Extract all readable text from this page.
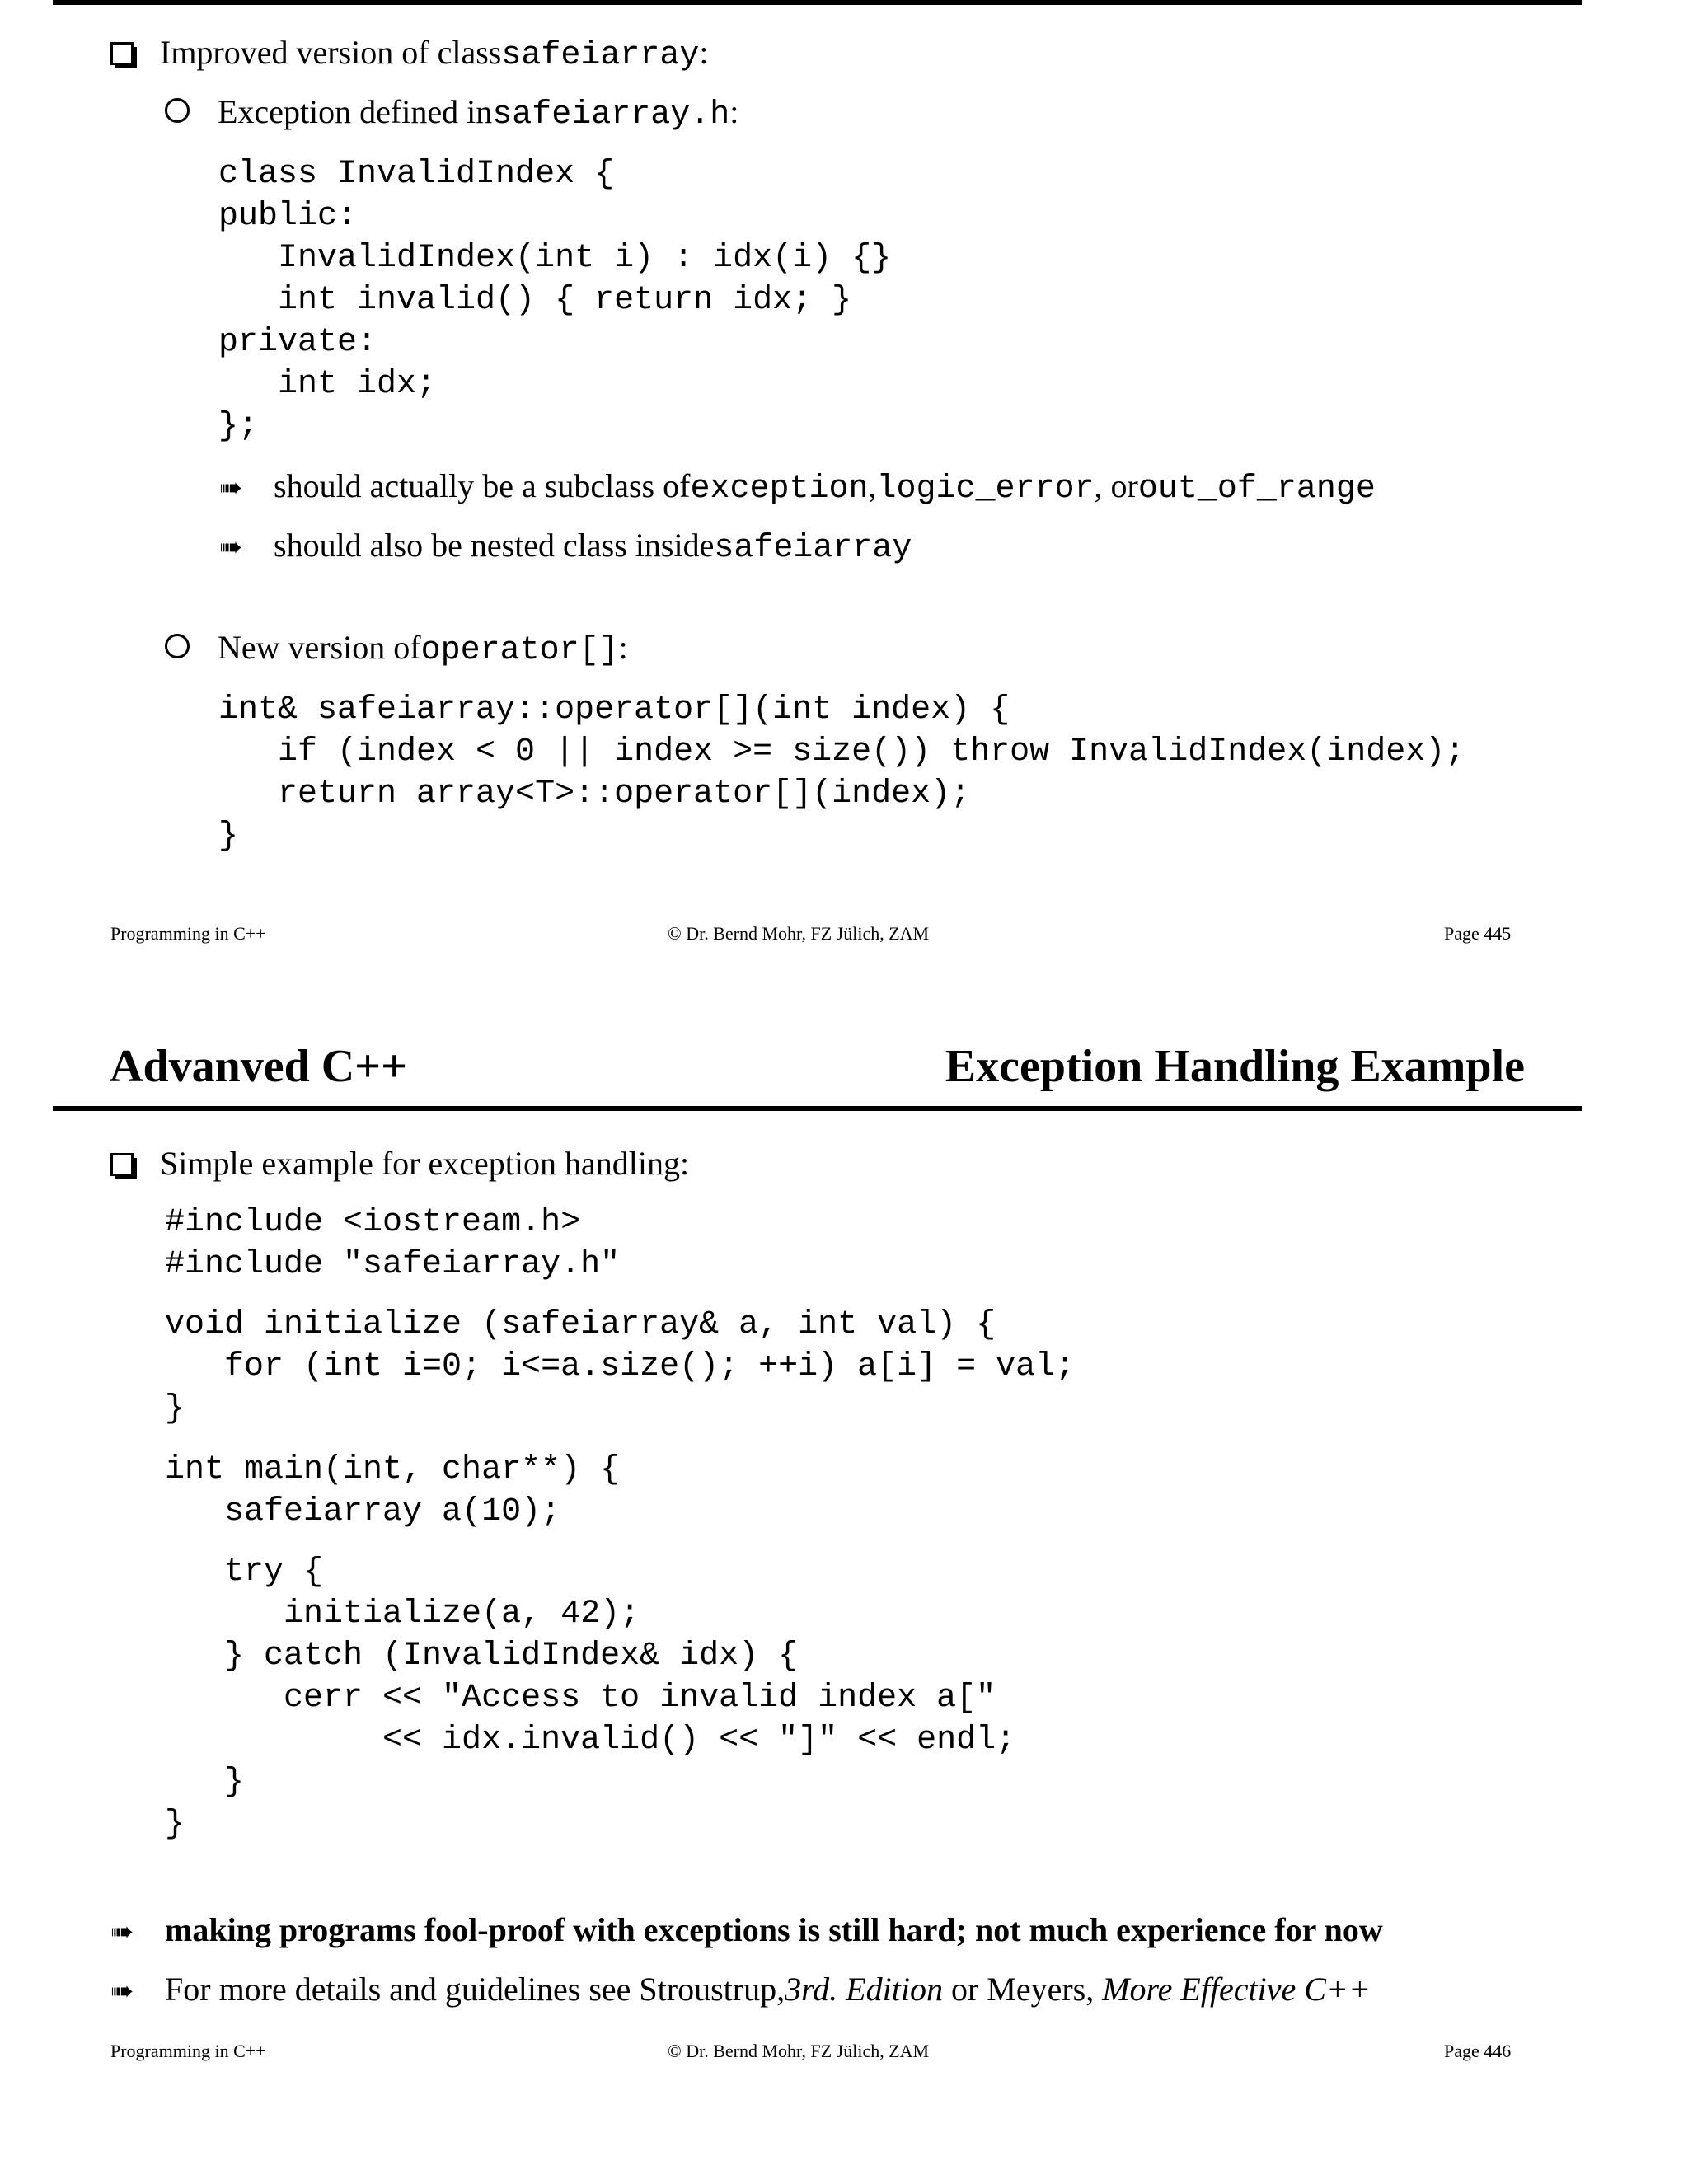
Improved version of class safeiarray :
Exception defined in safeiarray.h :
class InvalidIndex {
public:
InvalidIndex(int i) : idx(i) {}
int invalid() { return idx; }
private:
int idx;
};
➠ should actually be a subclass of exception , logic_error , or out_of_range
➠ should also be nested class inside safeiarray
New version of operator[] :
int& safeiarray::operator[](int index) {
if (index < 0 || index >= size()) throw InvalidIndex(index);
return array<T>::operator[](index);
}
Programming in C++	© Dr. Bernd Mohr, FZ Jülich, ZAM	Page 445
Advanved C++	Exception Handling Example
Simple example for exception handling:
#include <iostream.h>
#include "safeiarray.h"
void initialize (safeiarray& a, int val) {
for (int i=0; i<=a.size(); ++i) a[i] = val;
}
int main(int, char**) {
safeiarray a(10);
try {
initialize(a, 42);
} catch (InvalidIndex& idx) {
cerr << "Access to invalid index a["
<< idx.invalid() << "]" << endl;
}
}
➠ making programs fool-proof with exceptions is still hard; not much experience for now
➠ For more details and guidelines see Stroustrup, 3rd. Edition or Meyers, More Effective C++
Programming in C++	© Dr. Bernd Mohr, FZ Jülich, ZAM	Page 446
